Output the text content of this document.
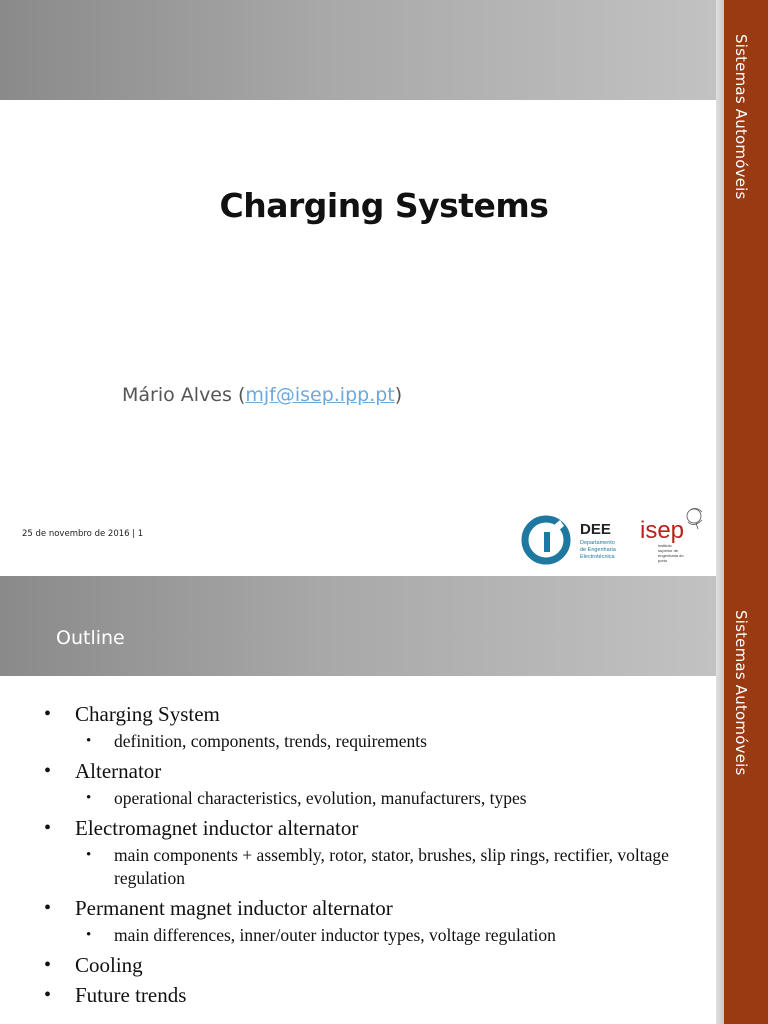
Sistemas Automóveis
Charging Systems
Mário Alves (mjf@isep.ipp.pt)
25 de novembro de 2016 | 1	DEE
Departamento
de Engenharia
Electrotécnica
isep
instituto
superior de
engenharia do
porto
Sistemas Automóveis
Outline
• Charging System
• definition, components, trends, requirements
• Alternator
• operational characteristics, evolution, manufacturers, types
• Electromagnet inductor alternator
• main components + assembly, rotor, stator, brushes, slip rings, rectifier, voltage regulation
• Permanent magnet inductor alternator
• main differences, inner/outer inductor types, voltage regulation
• Cooling
• Future trends
